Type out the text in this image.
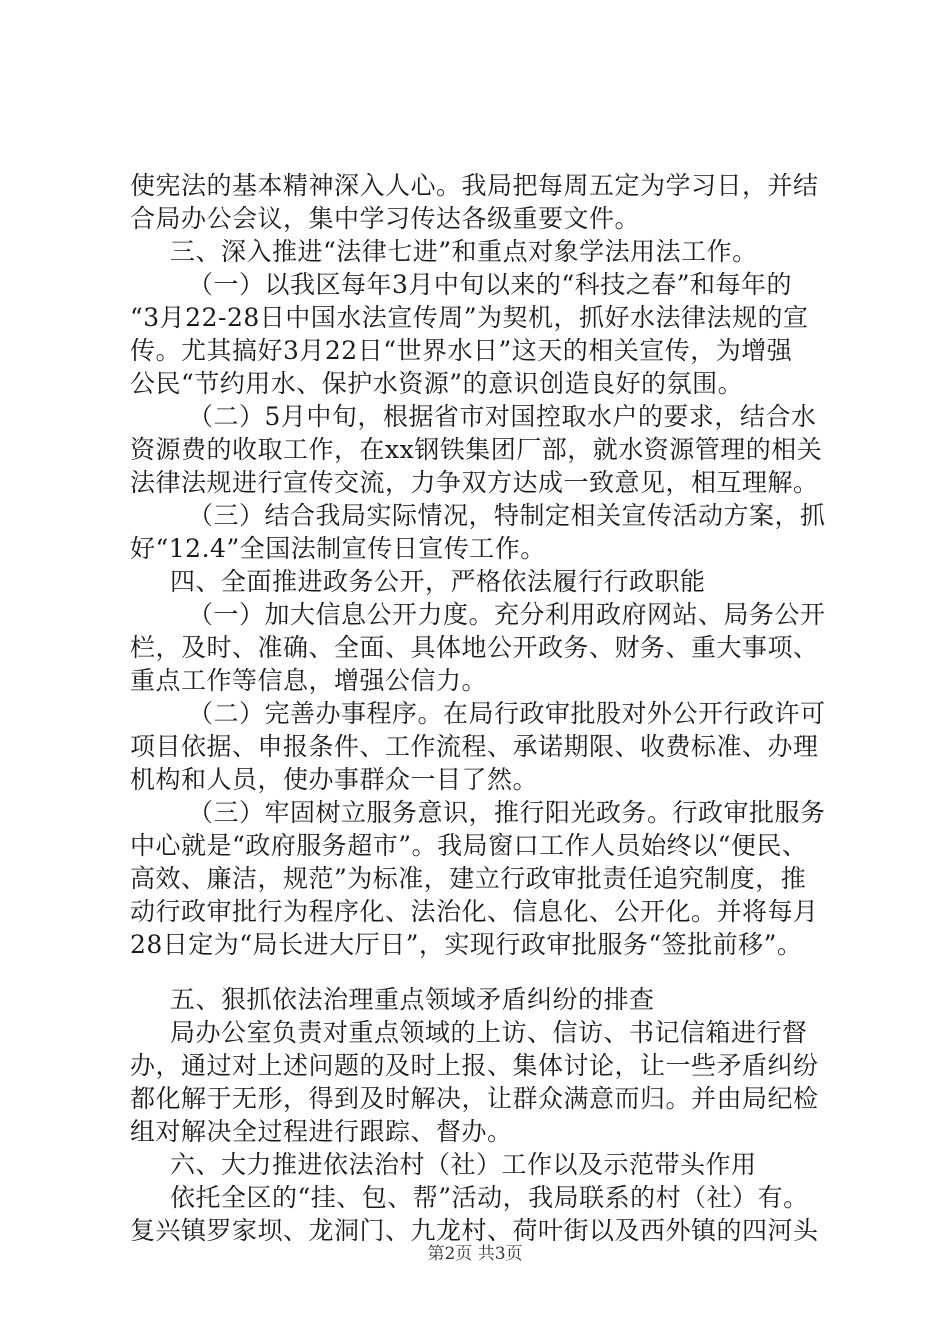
使宪法的基本精神深入人心。我局把每周五定为学习日，并结
合局办公会议，集中学习传达各级重要文件。
三、深入推进“法律七进”和重点对象学法用法工作。
（一）以我区每年3月中旬以来的“科技之春”和每年的
“3月22-28日中国水法宣传周”为契机，抓好水法律法规的宣
传。尤其搞好3月22日“世界水日”这天的相关宣传，为增强
公民“节约用水、保护水资源”的意识创造良好的氛围。
（二）5月中旬，根据省市对国控取水户的要求，结合水
资源费的收取工作，在xx钢铁集团厂部，就水资源管理的相关
法律法规进行宣传交流，力争双方达成一致意见，相互理解。
（三）结合我局实际情况，特制定相关宣传活动方案，抓
好“12.4”全国法制宣传日宣传工作。
四、全面推进政务公开，严格依法履行行政职能
（一）加大信息公开力度。充分利用政府网站、局务公开
栏，及时、准确、全面、具体地公开政务、财务、重大事项、
重点工作等信息，增强公信力。
（二）完善办事程序。在局行政审批股对外公开行政许可
项目依据、申报条件、工作流程、承诺期限、收费标准、办理
机构和人员，使办事群众一目了然。
（三）牢固树立服务意识，推行阳光政务。行政审批服务
中心就是“政府服务超市”。我局窗口工作人员始终以“便民、
高效、廉洁，规范”为标准，建立行政审批责任追究制度，推
动行政审批行为程序化、法治化、信息化、公开化。并将每月
28日定为“局长进大厅日”，实现行政审批服务“签批前移”。
五、狠抓依法治理重点领域矛盾纠纷的排查
局办公室负责对重点领域的上访、信访、书记信箱进行督
办，通过对上述问题的及时上报、集体讨论，让一些矛盾纠纷
都化解于无形，得到及时解决，让群众满意而归。并由局纪检
组对解决全过程进行跟踪、督办。
六、大力推进依法治村（社）工作以及示范带头作用
依托全区的“挂、包、帮”活动，我局联系的村（社）有。
复兴镇罗家坝、龙洞门、九龙村、荷叶街以及西外镇的四河头
第2页 共3页
